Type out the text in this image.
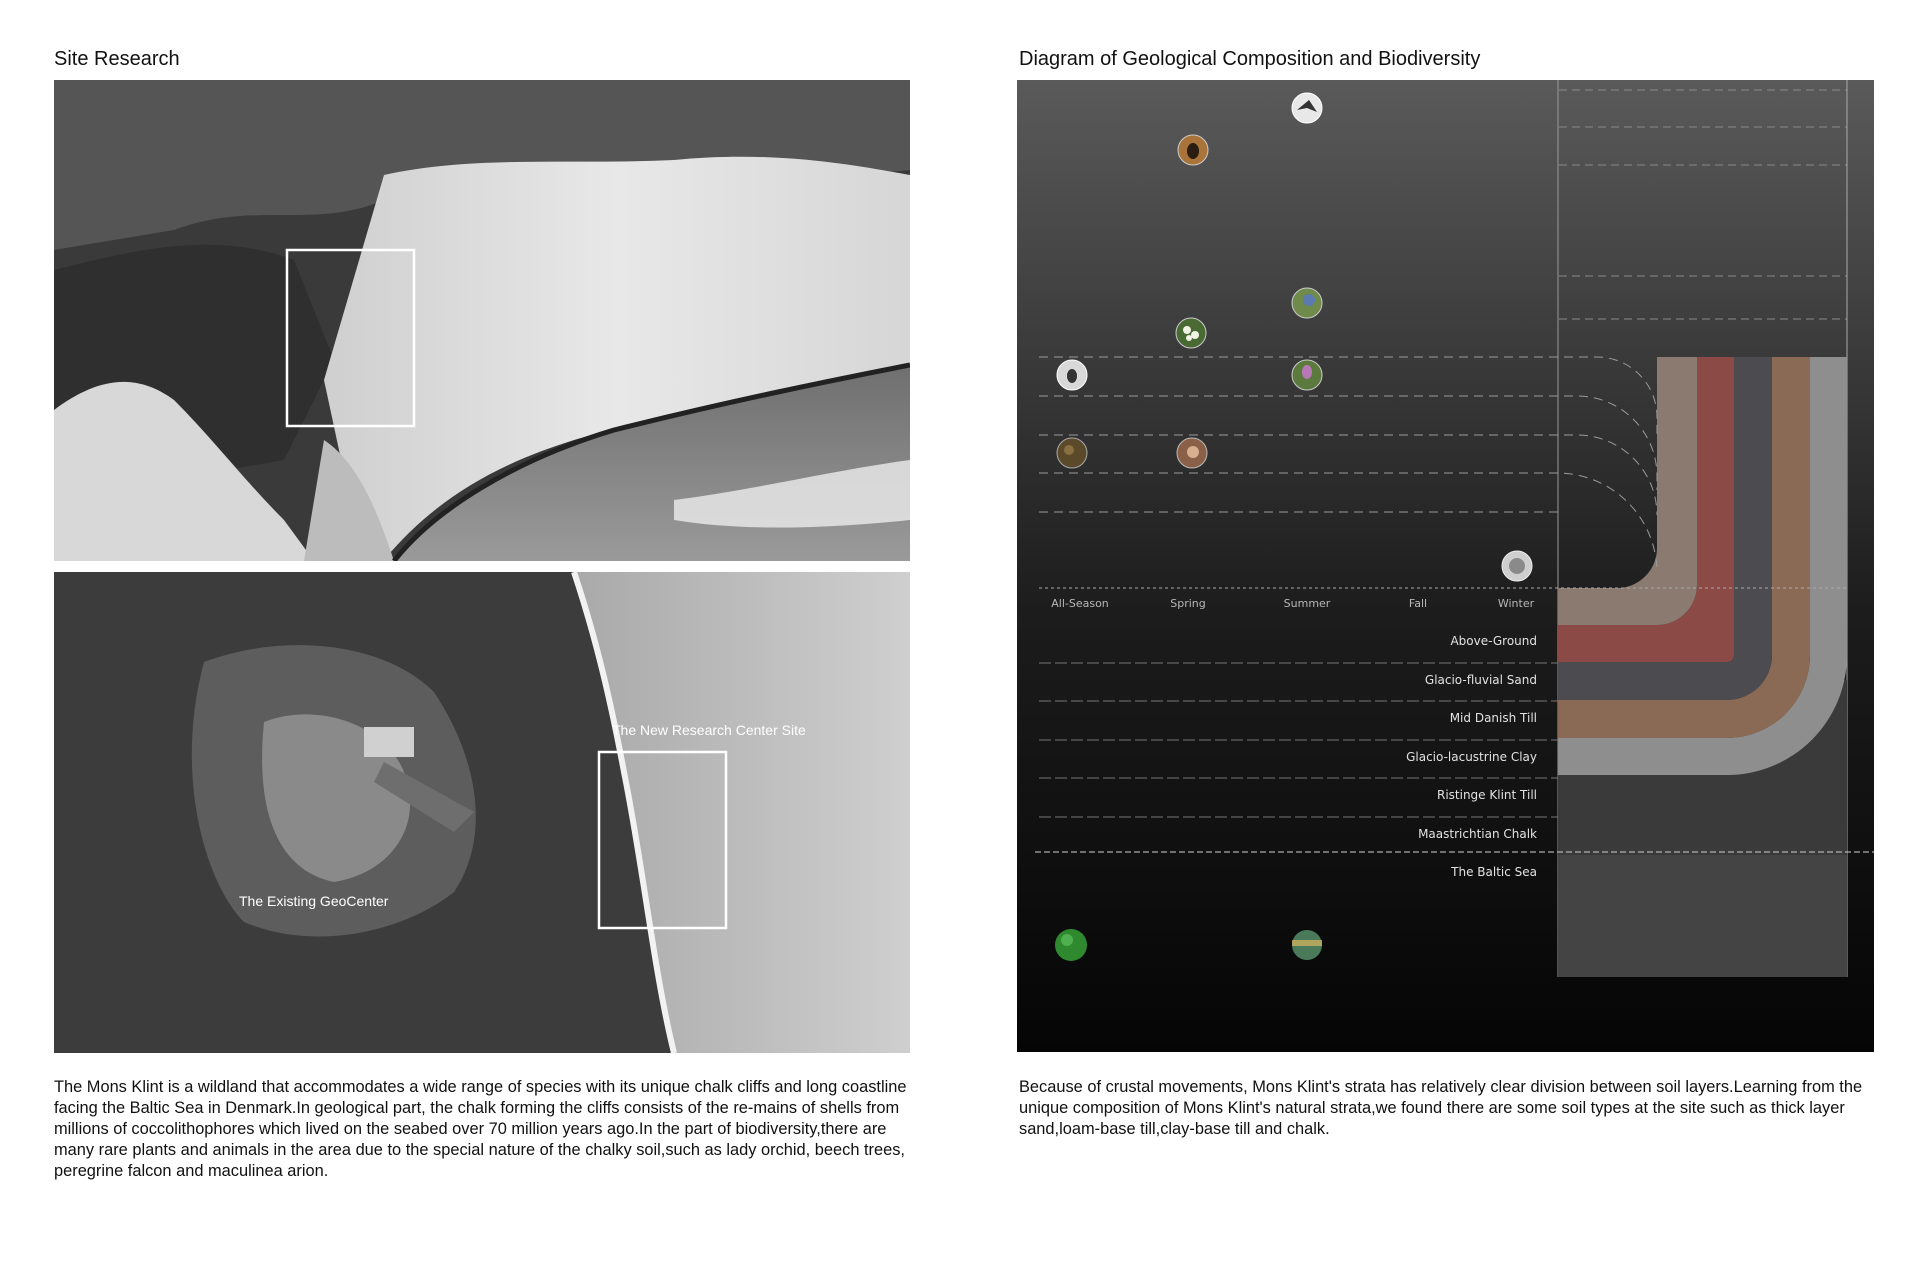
Site Research	Diagram of Geological Composition and Biodiversity
The New Research Center Site
The Existing GeoCenter

The Mons Klint is a wildland that accommodates a wide range of species with its unique chalk cliffs and long coastline facing the Baltic Sea in Denmark.In geological part, the chalk forming the cliffs consists of the re-mains of shells from millions of coccolithophores which lived on the seabed over 70 million years ago.In the part of biodiversity,there are many rare plants and animals in the area due to the special nature of the chalky soil,such as lady orchid, beech trees, peregrine falcon and maculinea arion.

All-Season	Spring	Summer	Fall	Winter
Above-Ground
Glacio-fluvial Sand
Mid Danish Till
Glacio-lacustrine Clay
Ristinge Klint Till
Maastrichtian Chalk
The Baltic Sea

Because of crustal movements, Mons Klint's strata has relatively clear division between soil layers.Learning from the unique composition of Mons Klint's natural strata,we found there are some soil types at the site such as thick layer sand,loam-base till,clay-base till and chalk.
